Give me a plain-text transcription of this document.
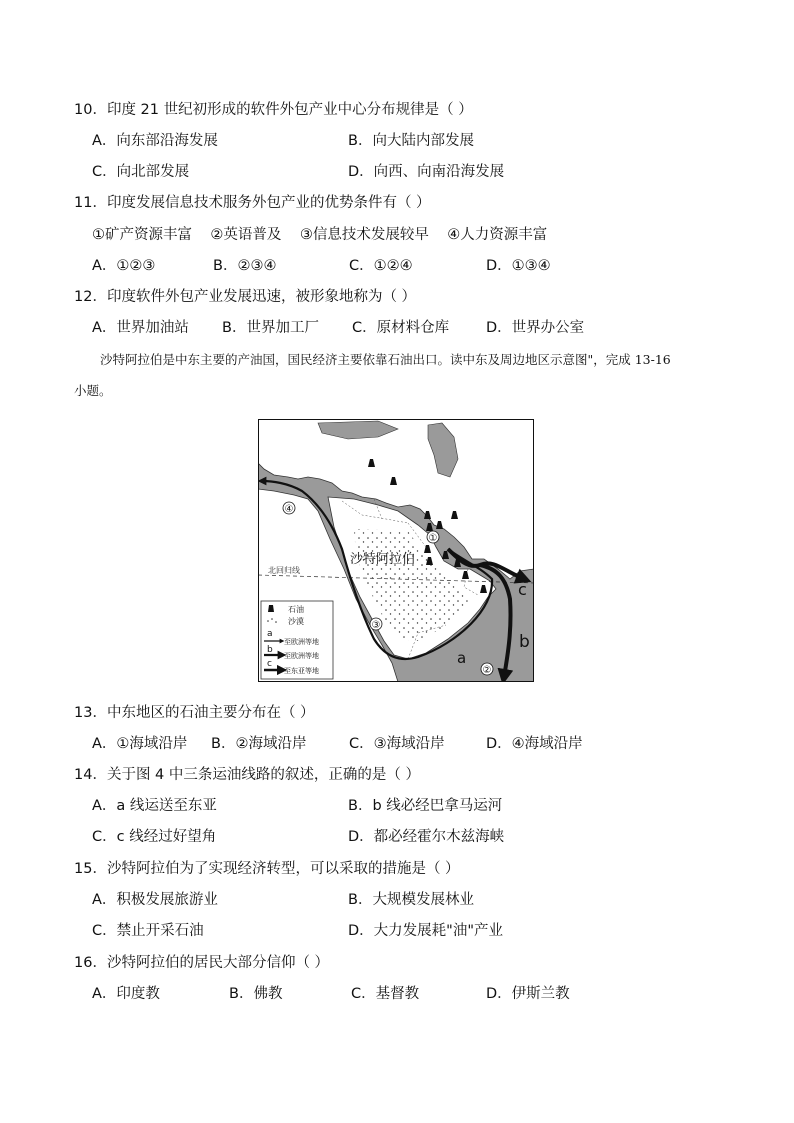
10．印度 21 世纪初形成的软件外包产业中心分布规律是（ ）
A．向东部沿海发展	B．向大陆内部发展
C．向北部发展	D．向西、向南沿海发展
11．印度发展信息技术服务外包产业的优势条件有（ ）
①矿产资源丰富    ②英语普及    ③信息技术发展较早    ④人力资源丰富
A．①②③	B．②③④	C．①②④	D．①③④
12．印度软件外包产业发展迅速，被形象地称为（ ）
A．世界加油站 B．世界加工厂 C．原材料仓库	D．世界办公室
沙特阿拉伯是中东主要的产油国，国民经济主要依靠石油出口。读中东及周边地区示意图"，完成 13-16
小题。
北回归线
a
b
c
①
②
③
④
沙特阿拉伯
石油
沙漠
a
至欧洲等地
b
至欧洲等地
c
至东亚等地
13．中东地区的石油主要分布在（ ）
A．①海域沿岸 B．②海域沿岸	C．③海域沿岸	D．④海域沿岸
14．关于图 4 中三条运油线路的叙述，正确的是（ ）
A．a 线运送至东亚	B．b 线必经巴拿马运河
C．c 线经过好望角	D．都必经霍尔木兹海峡
15．沙特阿拉伯为了实现经济转型，可以采取的措施是（ ）
A．积极发展旅游业	B．大规模发展林业
C．禁止开采石油	D．大力发展耗"油"产业
16．沙特阿拉伯的居民大部分信仰（ ）
A．印度教	B．佛教	C．基督教	D．伊斯兰教
